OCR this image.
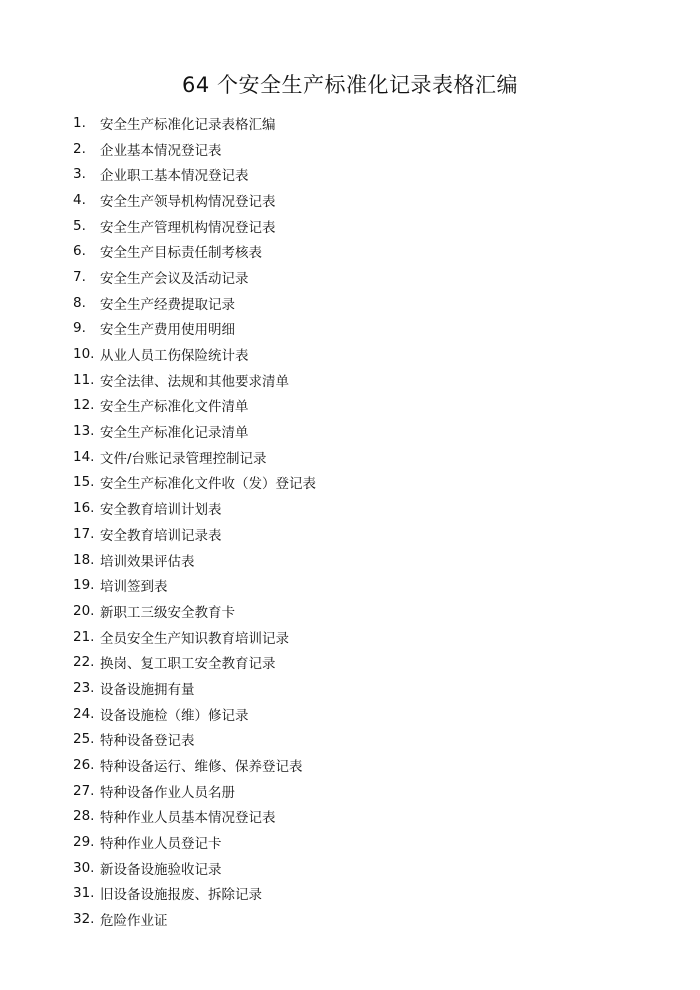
64 个安全生产标准化记录表格汇编
1.	安全生产标准化记录表格汇编
2.	企业基本情况登记表
3.	企业职工基本情况登记表
4.	安全生产领导机构情况登记表
5.	安全生产管理机构情况登记表
6.	安全生产目标责任制考核表
7.	安全生产会议及活动记录
8.	安全生产经费提取记录
9.	安全生产费用使用明细
10. 从业人员工伤保险统计表
11. 安全法律、法规和其他要求清单
12. 安全生产标准化文件清单
13. 安全生产标准化记录清单
14. 文件/台账记录管理控制记录
15. 安全生产标准化文件收（发）登记表
16. 安全教育培训计划表
17. 安全教育培训记录表
18. 培训效果评估表
19. 培训签到表
20. 新职工三级安全教育卡
21. 全员安全生产知识教育培训记录
22. 换岗、复工职工安全教育记录
23. 设备设施拥有量
24. 设备设施检（维）修记录
25. 特种设备登记表
26. 特种设备运行、维修、保养登记表
27. 特种设备作业人员名册
28. 特种作业人员基本情况登记表
29. 特种作业人员登记卡
30. 新设备设施验收记录
31. 旧设备设施报废、拆除记录
32. 危险作业证
